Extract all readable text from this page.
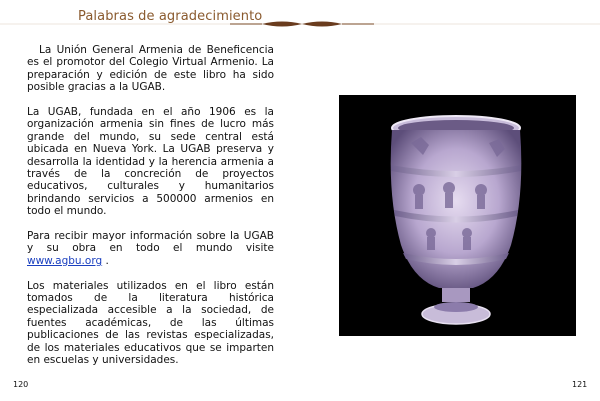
Palabras de agradecimiento

La Unión General Armenia de Beneficencia es el promotor del Colegio Virtual Armenio. La preparación y edición de este libro ha sido posible gracias a la UGAB.

La UGAB, fundada en el año 1906 es la organización armenia sin fines de lucro más grande del mundo, su sede central está ubicada en Nueva York. La UGAB preserva y desarrolla la identidad y la herencia armenia a través de la concreción de proyectos educativos, culturales y humanitarios brindando servicios a 500000 armenios en todo el mundo.

Para recibir mayor información sobre la UGAB y su obra en todo el mundo visite www.agbu.org .

Los materiales utilizados en el libro están tomados de la literatura histórica especializada accesible a la sociedad, de fuentes académicas, de las últimas publicaciones de las revistas especializadas, de los materiales educativos que se imparten en escuelas y universidades.

120	121
